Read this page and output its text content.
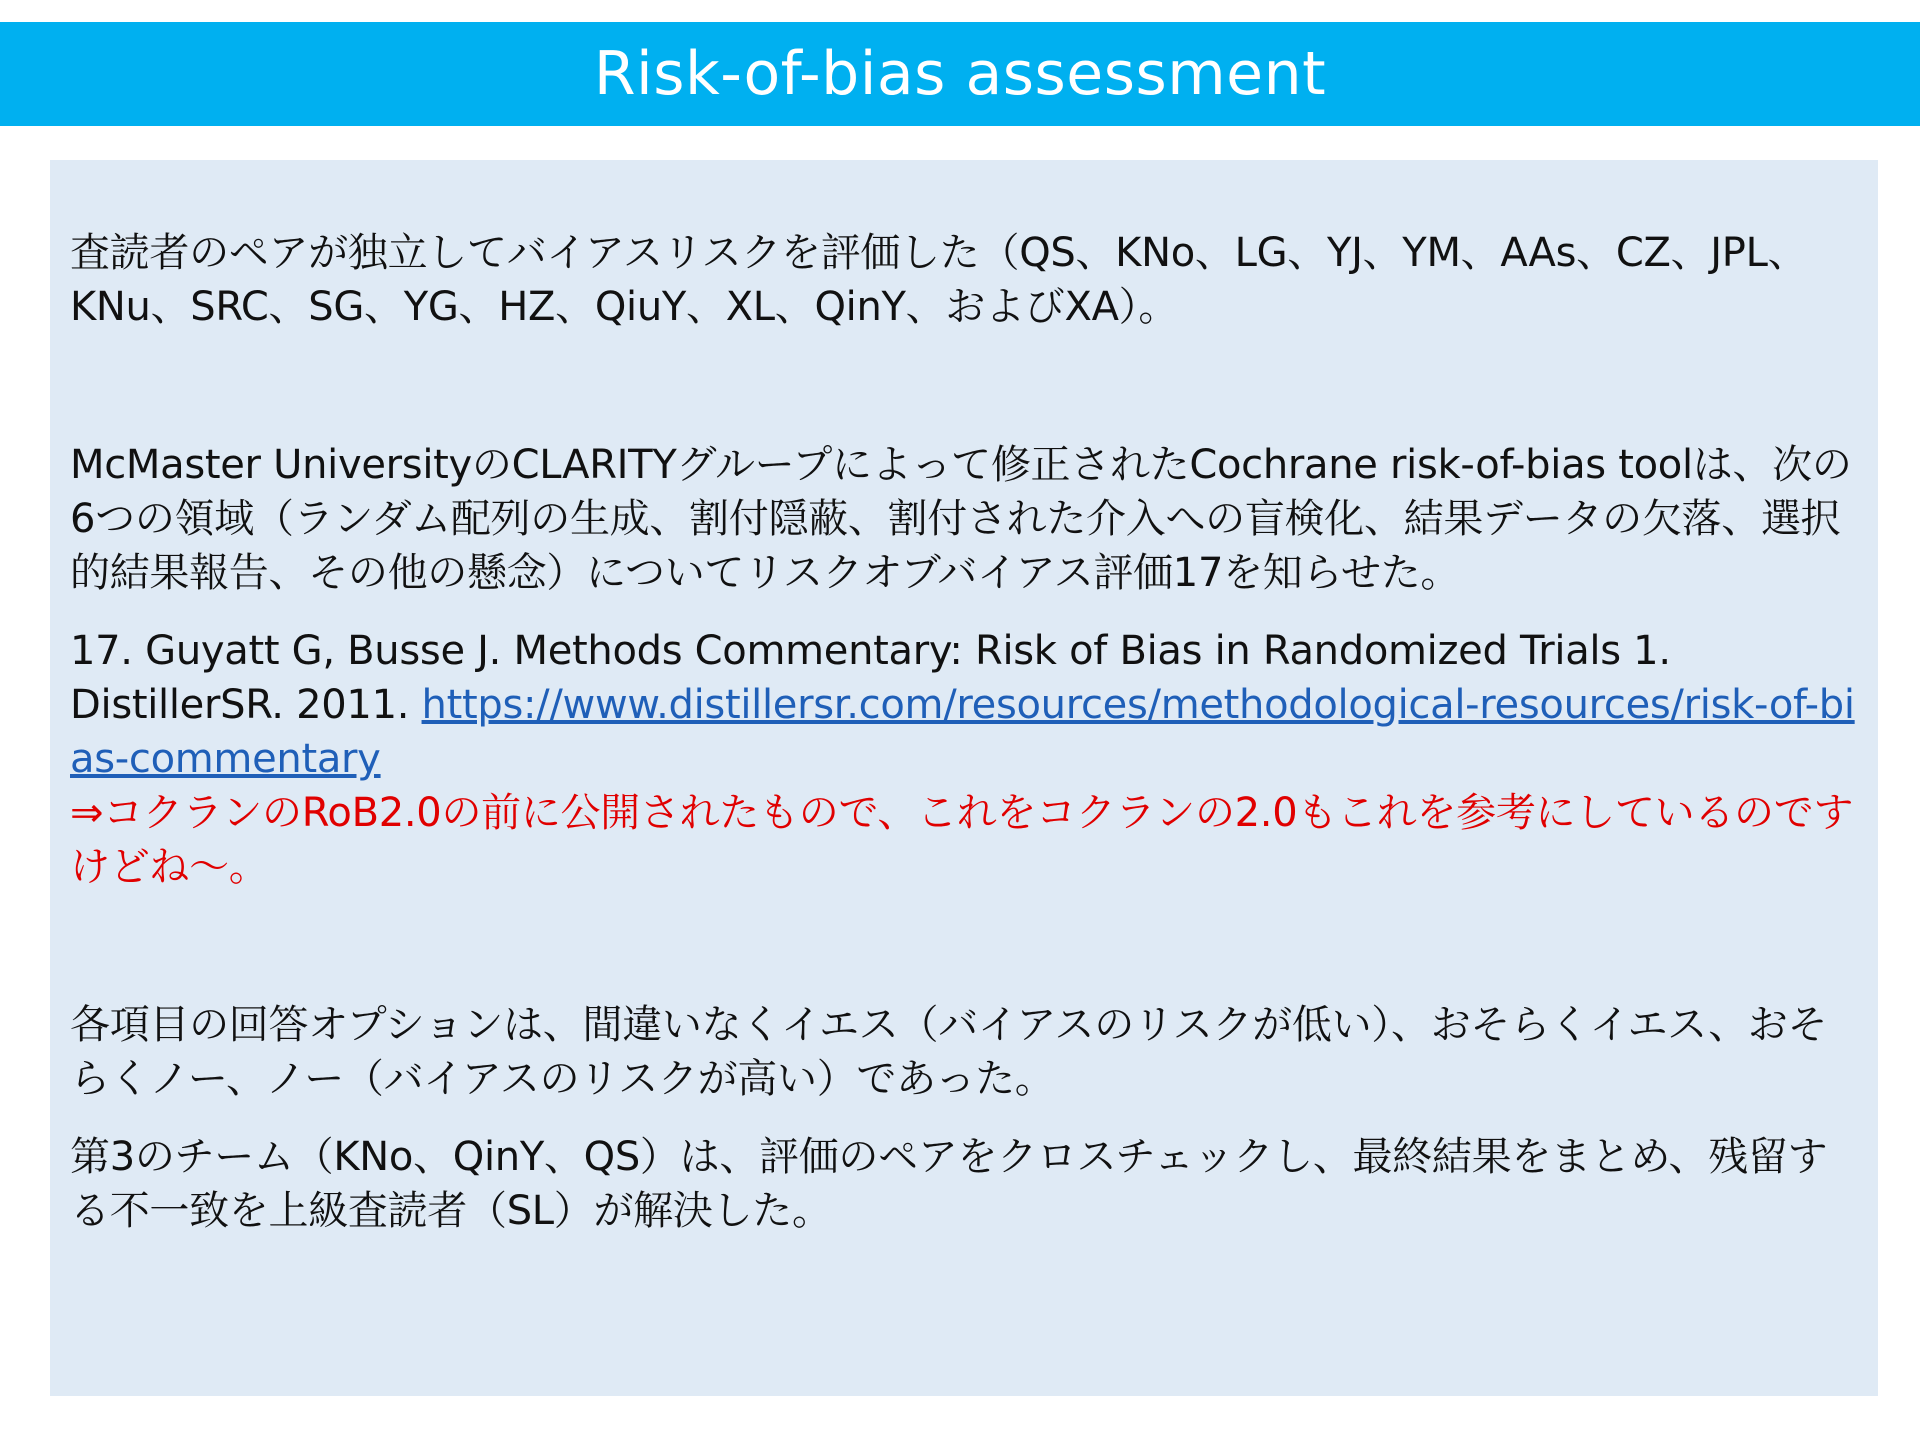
Risk-of-bias assessment

査読者のペアが独立してバイアスリスクを評価した（QS、KNo、LG、YJ、YM、AAs、CZ、JPL、KNu、SRC、SG、YG、HZ、QiuY、XL、QinY、およびXA）。

McMaster UniversityのCLARITYグループによって修正されたCochrane risk-of-bias toolは、次の6つの領域（ランダム配列の生成、割付隠蔽、割付された介入への盲検化、結果データの欠落、選択的結果報告、その他の懸念）についてリスクオブバイアス評価17を知らせた。

17. Guyatt G, Busse J. Methods Commentary: Risk of Bias in Randomized Trials 1. DistillerSR. 2011. https://www.distillersr.com/resources/methodological-resources/risk-of-bias-commentary
⇒コクランのRoB2.0の前に公開されたもので、これをコクランの2.0もこれを参考にしているのですけどね～。

各項目の回答オプションは、間違いなくイエス（バイアスのリスクが低い）、おそらくイエス、おそらくノー、ノー（バイアスのリスクが高い）であった。

第3のチーム（KNo、QinY、QS）は、評価のペアをクロスチェックし、最終結果をまとめ、残留する不一致を上級査読者（SL）が解決した。
